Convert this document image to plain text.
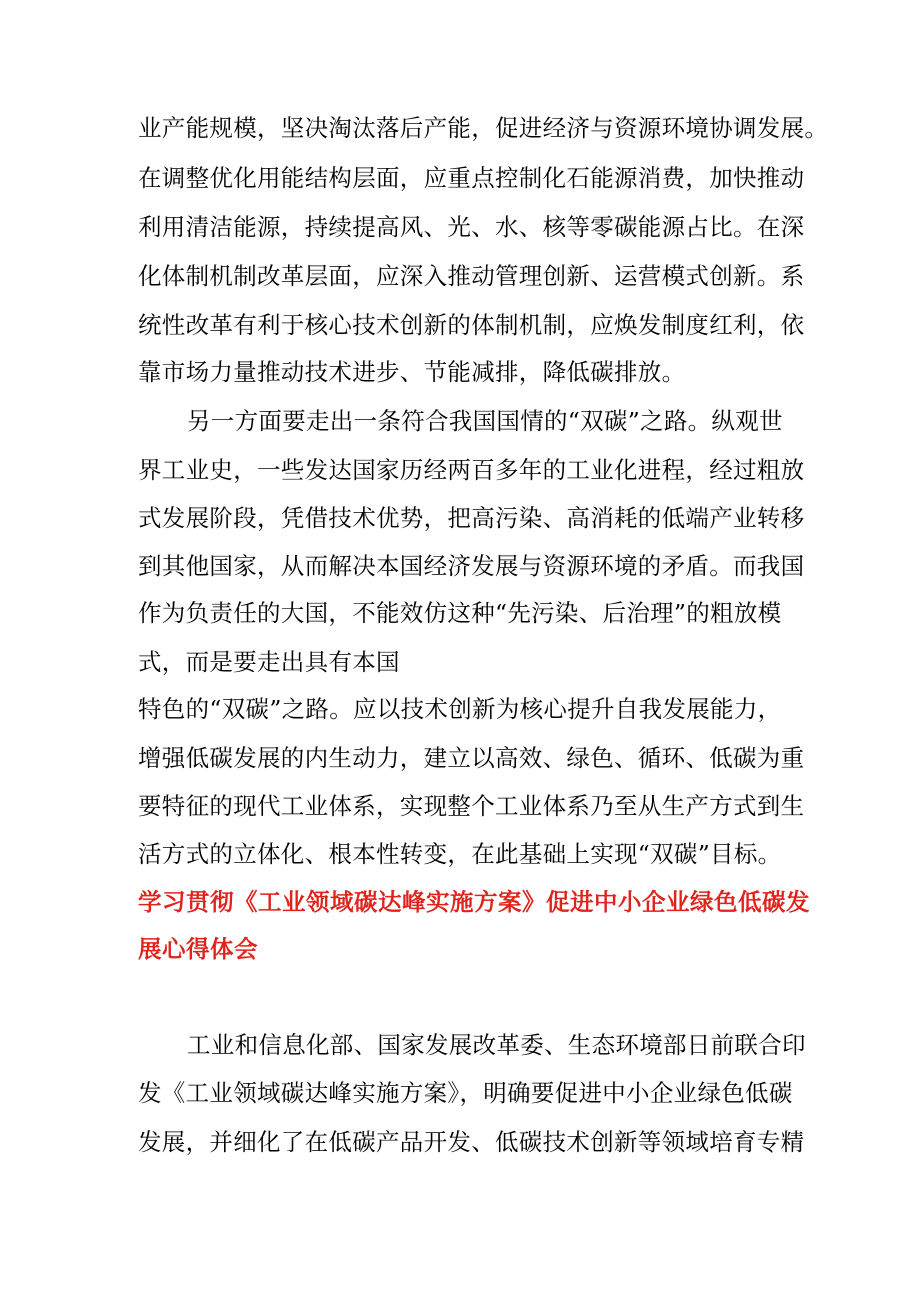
业产能规模，坚决淘汰落后产能，促进经济与资源环境协调发展。
在调整优化用能结构层面，应重点控制化石能源消费，加快推动
利用清洁能源，持续提高风、光、水、核等零碳能源占比。在深
化体制机制改革层面，应深入推动管理创新、运营模式创新。系
统性改革有利于核心技术创新的体制机制，应焕发制度红利，依
靠市场力量推动技术进步、节能减排，降低碳排放。
另一方面要走出一条符合我国国情的“双碳”之路。纵观世
界工业史，一些发达国家历经两百多年的工业化进程，经过粗放
式发展阶段，凭借技术优势，把高污染、高消耗的低端产业转移
到其他国家，从而解决本国经济发展与资源环境的矛盾。而我国
作为负责任的大国，不能效仿这种“先污染、后治理”的粗放模
式，而是要走出具有本国
特色的“双碳”之路。应以技术创新为核心提升自我发展能力，
增强低碳发展的内生动力，建立以高效、绿色、循环、低碳为重
要特征的现代工业体系，实现整个工业体系乃至从生产方式到生
活方式的立体化、根本性转变，在此基础上实现“双碳”目标。
学习贯彻《工业领域碳达峰实施方案》促进中小企业绿色低碳发
展心得体会
工业和信息化部、国家发展改革委、生态环境部日前联合印
发《工业领域碳达峰实施方案》，明确要促进中小企业绿色低碳
发展，并细化了在低碳产品开发、低碳技术创新等领域培育专精
